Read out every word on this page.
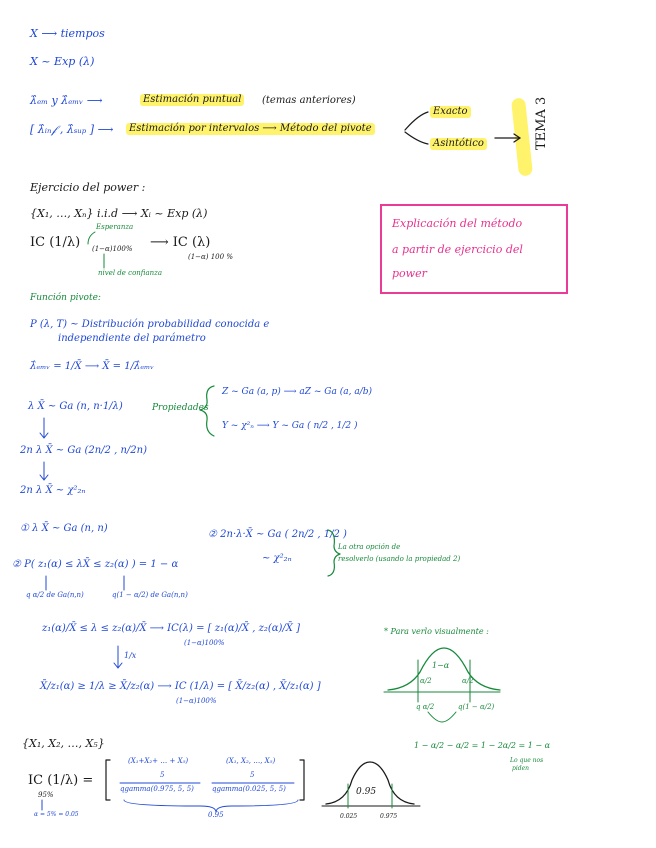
X ⟶ tiempos
X ~ Exp (λ)
λ̂ₑₘ y λ̂ₑₘᵥ ⟶	Estimación puntual	(temas anteriores)
[ λ̂ᵢₙ𝒻 , λ̂ₛᵤₚ ] ⟶	Estimación por intervalos ⟶ Método del pivote
Exacto
Asintótico	TEMA 3
Ejercicio del power :
{X₁, …, Xₙ} i.i.d ⟶ Xᵢ ~ Exp (λ)
Esperanza
IC (1/λ) (1−α)100% ⟶ IC (λ)
(1−α) 100 %
nivel de confianza
Explicación del método
a partir de ejercicio del
power
Función pivote:
P (λ, T) ~ Distribución probabilidad conocida e
independiente del parámetro
λ̂ₑₘᵥ = 1/X̄ ⟶ X̄ = 1/λ̂ₑₘᵥ
λ X̄ ~ Ga (n, n·1/λ)
2n λ X̄ ~ Ga (2n/2 , n/2n)
2n λ X̄ ~ χ²₂ₙ
Propiedades
Z ~ Ga (a, p) ⟶ aZ ~ Ga (a, a/b)
Y ~ χ²ₙ ⟶ Y ~ Ga ( n/2 , 1/2 )
① λ X̄ ~ Ga (n, n)
② 2n·λ·X̄ ~ Ga ( 2n/2 , 1/2 )
~ χ²₂ₙ
La otra opción de
resolverlo (usando la propiedad 2)
② P( z₁(α) ≤ λX̄ ≤ z₂(α) ) = 1 − α
q α/2 de Ga(n,n)	q(1 − α/2) de Ga(n,n)
z₁(α)/X̄ ≤ λ ≤ z₂(α)/X̄ ⟶ IC(λ) = [ z₁(α)/X̄ , z₂(α)/X̄ ]
(1−α)100%
1/x
X̄/z₁(α) ≥ 1/λ ≥ X̄/z₂(α) ⟶ IC (1/λ) = [ X̄/z₂(α) , X̄/z₁(α) ]
(1−α)100%
* Para verlo visualmente :
1−α
α/2	α/2
q α/2	q(1 − α/2)
1 − α/2 − α/2 = 1 − 2α/2 = 1 − α
Lo que nos
piden
{X₁, X₂, …, X₅}
IC (1/λ) =
95%
(X₁+X₂+ … + X₅)
5
qgamma(0.975, 5, 5)
(X₁, X₂, …, X₅)
5
qgamma(0.025, 5, 5)
0.95
α = 5% = 0.05
0.95
0.025	0.975
